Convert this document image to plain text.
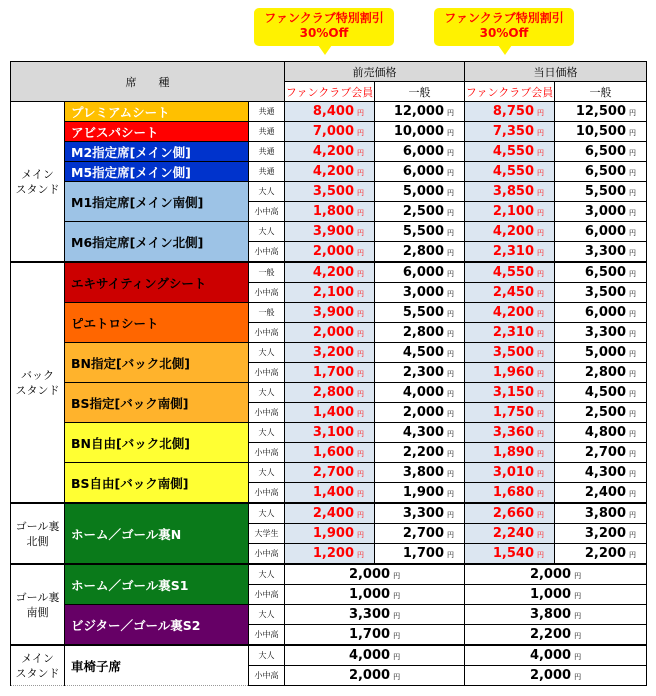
ファンクラブ特別割引
30%Off
ファンクラブ特別割引
30%Off
席　　種			前売価格		当日価格	
			ファンクラブ会員	一般	ファンクラブ会員	一般
メイン
スタンド	プレミアムシート	共通	8,400 円	12,000 円	8,750 円	12,500 円
	アビスパシート	共通	7,000 円	10,000 円	7,350 円	10,500 円
	M2指定席[メイン側]	共通	4,200 円	6,000 円	4,550 円	6,500 円
	M5指定席[メイン側]	共通	4,200 円	6,000 円	4,550 円	6,500 円
	M1指定席[メイン南側]	大人	3,500 円	5,000 円	3,850 円	5,500 円
		小中高	1,800 円	2,500 円	2,100 円	3,000 円
	M6指定席[メイン北側]	大人	3,900 円	5,500 円	4,200 円	6,000 円
		小中高	2,000 円	2,800 円	2,310 円	3,300 円
バック
スタンド	エキサイティングシート	一般	4,200 円	6,000 円	4,550 円	6,500 円
		小中高	2,100 円	3,000 円	2,450 円	3,500 円
	ピエトロシート	一般	3,900 円	5,500 円	4,200 円	6,000 円
		小中高	2,000 円	2,800 円	2,310 円	3,300 円
	BN指定[バック北側]	大人	3,200 円	4,500 円	3,500 円	5,000 円
		小中高	1,700 円	2,300 円	1,960 円	2,800 円
	BS指定[バック南側]	大人	2,800 円	4,000 円	3,150 円	4,500 円
		小中高	1,400 円	2,000 円	1,750 円	2,500 円
	BN自由[バック北側]	大人	3,100 円	4,300 円	3,360 円	4,800 円
		小中高	1,600 円	2,200 円	1,890 円	2,700 円
	BS自由[バック南側]	大人	2,700 円	3,800 円	3,010 円	4,300 円
		小中高	1,400 円	1,900 円	1,680 円	2,400 円
ゴール裏
北側	ホーム／ゴール裏N	大人	2,400 円	3,300 円	2,660 円	3,800 円
		大学生	1,900 円	2,700 円	2,240 円	3,200 円
		小中高	1,200 円	1,700 円	1,540 円	2,200 円
ゴール裏
南側	ホーム／ゴール裏S1	大人	2,000 円		2,000 円	
		小中高	1,000 円		1,000 円	
	ビジター／ゴール裏S2	大人	3,300 円		3,800 円	
		小中高	1,700 円		2,200 円	
メイン
スタンド	車椅子席	大人	4,000 円		4,000 円	
		小中高	2,000 円		2,000 円	
